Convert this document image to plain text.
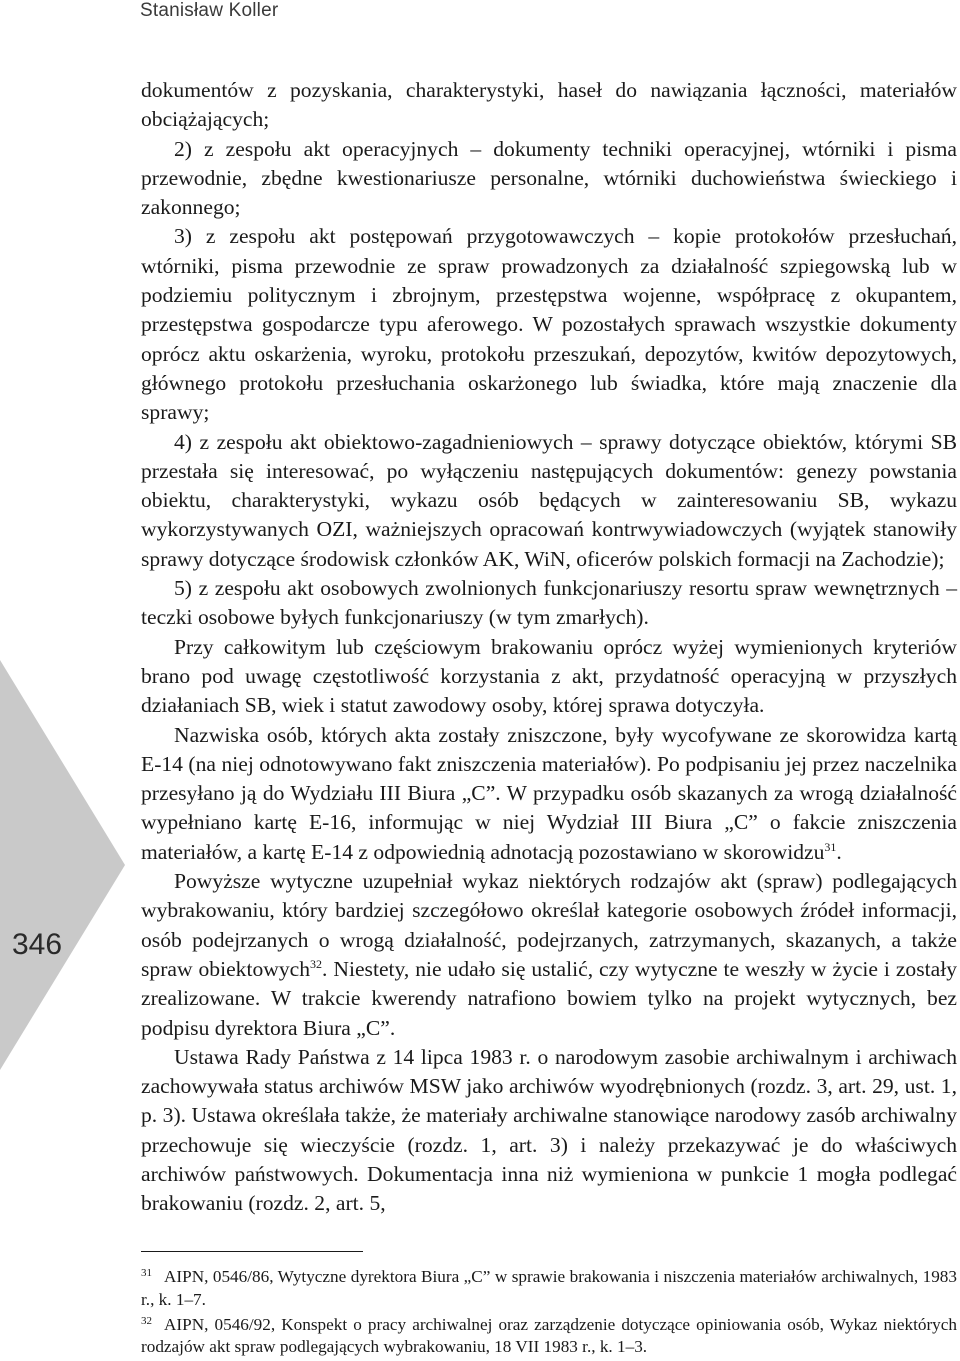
Stanisław Koller
346

dokumentów z pozyskania, charakterystyki, haseł do nawiązania łączności, materiałów obciążających;

2) z zespołu akt operacyjnych – dokumenty techniki operacyjnej, wtórniki i pisma przewodnie, zbędne kwestionariusze personalne, wtórniki duchowieństwa świeckiego i zakonnego;

3) z zespołu akt postępowań przygotowawczych – kopie protokołów przesłuchań, wtórniki, pisma przewodnie ze spraw prowadzonych za działalność szpiegowską lub w podziemiu politycznym i zbrojnym, przestępstwa wojenne, współpracę z okupantem, przestępstwa gospodarcze typu aferowego. W pozostałych sprawach wszystkie dokumenty oprócz aktu oskarżenia, wyroku, protokołu przeszukań, depozytów, kwitów depozytowych, głównego protokołu przesłuchania oskarżonego lub świadka, które mają znaczenie dla sprawy;

4) z zespołu akt obiektowo-zagadnieniowych – sprawy dotyczące obiektów, którymi SB przestała się interesować, po wyłączeniu następujących dokumentów: genezy powstania obiektu, charakterystyki, wykazu osób będących w zainteresowaniu SB, wykazu wykorzystywanych OZI, ważniejszych opracowań kontrwywiadowczych (wyjątek stanowiły sprawy dotyczące środowisk członków AK, WiN, oficerów polskich formacji na Zachodzie);

5) z zespołu akt osobowych zwolnionych funkcjonariuszy resortu spraw wewnętrznych – teczki osobowe byłych funkcjonariuszy (w tym zmarłych).

Przy całkowitym lub częściowym brakowaniu oprócz wyżej wymienionych kryteriów brano pod uwagę częstotliwość korzystania z akt, przydatność operacyjną w przyszłych działaniach SB, wiek i statut zawodowy osoby, której sprawa dotyczyła.

Nazwiska osób, których akta zostały zniszczone, były wycofywane ze skorowidza kartą E-14 (na niej odnotowywano fakt zniszczenia materiałów). Po podpisaniu jej przez naczelnika przesyłano ją do Wydziału III Biura „C”. W przypadku osób skazanych za wrogą działalność wypełniano kartę E-16, informując w niej Wydział III Biura „C” o fakcie zniszczenia materiałów, a kartę E-14 z odpowiednią adnotacją pozostawiano w skorowidzu$^{31}$.

Powyższe wytyczne uzupełniał wykaz niektórych rodzajów akt (spraw) podlegających wybrakowaniu, który bardziej szczegółowo określał kategorie osobowych źródeł informacji, osób podejrzanych o wrogą działalność, podejrzanych, zatrzymanych, skazanych, a także spraw obiektowych$^{32}$. Niestety, nie udało się ustalić, czy wytyczne te weszły w życie i zostały zrealizowane. W trakcie kwerendy natrafiono bowiem tylko na projekt wytycznych, bez podpisu dyrektora Biura „C”.

Ustawa Rady Państwa z 14 lipca 1983 r. o narodowym zasobie archiwalnym i archiwach zachowywała status archiwów MSW jako archiwów wyodrębnionych (rozdz. 3, art. 29, ust. 1, p. 3). Ustawa określała także, że materiały archiwalne stanowiące narodowy zasób archiwalny przechowuje się wieczyście (rozdz. 1, art. 3) i należy przekazywać je do właściwych archiwów państwowych. Dokumentacja inna niż wymieniona w punkcie 1 mogła podlegać brakowaniu (rozdz. 2, art. 5,

$^{31}$ AIPN, 0546/86, Wytyczne dyrektora Biura „C” w sprawie brakowania i niszczenia materiałów archiwalnych, 1983 r., k. 1–7.

$^{32}$ AIPN, 0546/92, Konspekt o pracy archiwalnej oraz zarządzenie dotyczące opiniowania osób, Wykaz niektórych rodzajów akt spraw podlegających wybrakowaniu, 18 VII 1983 r., k. 1–3.
